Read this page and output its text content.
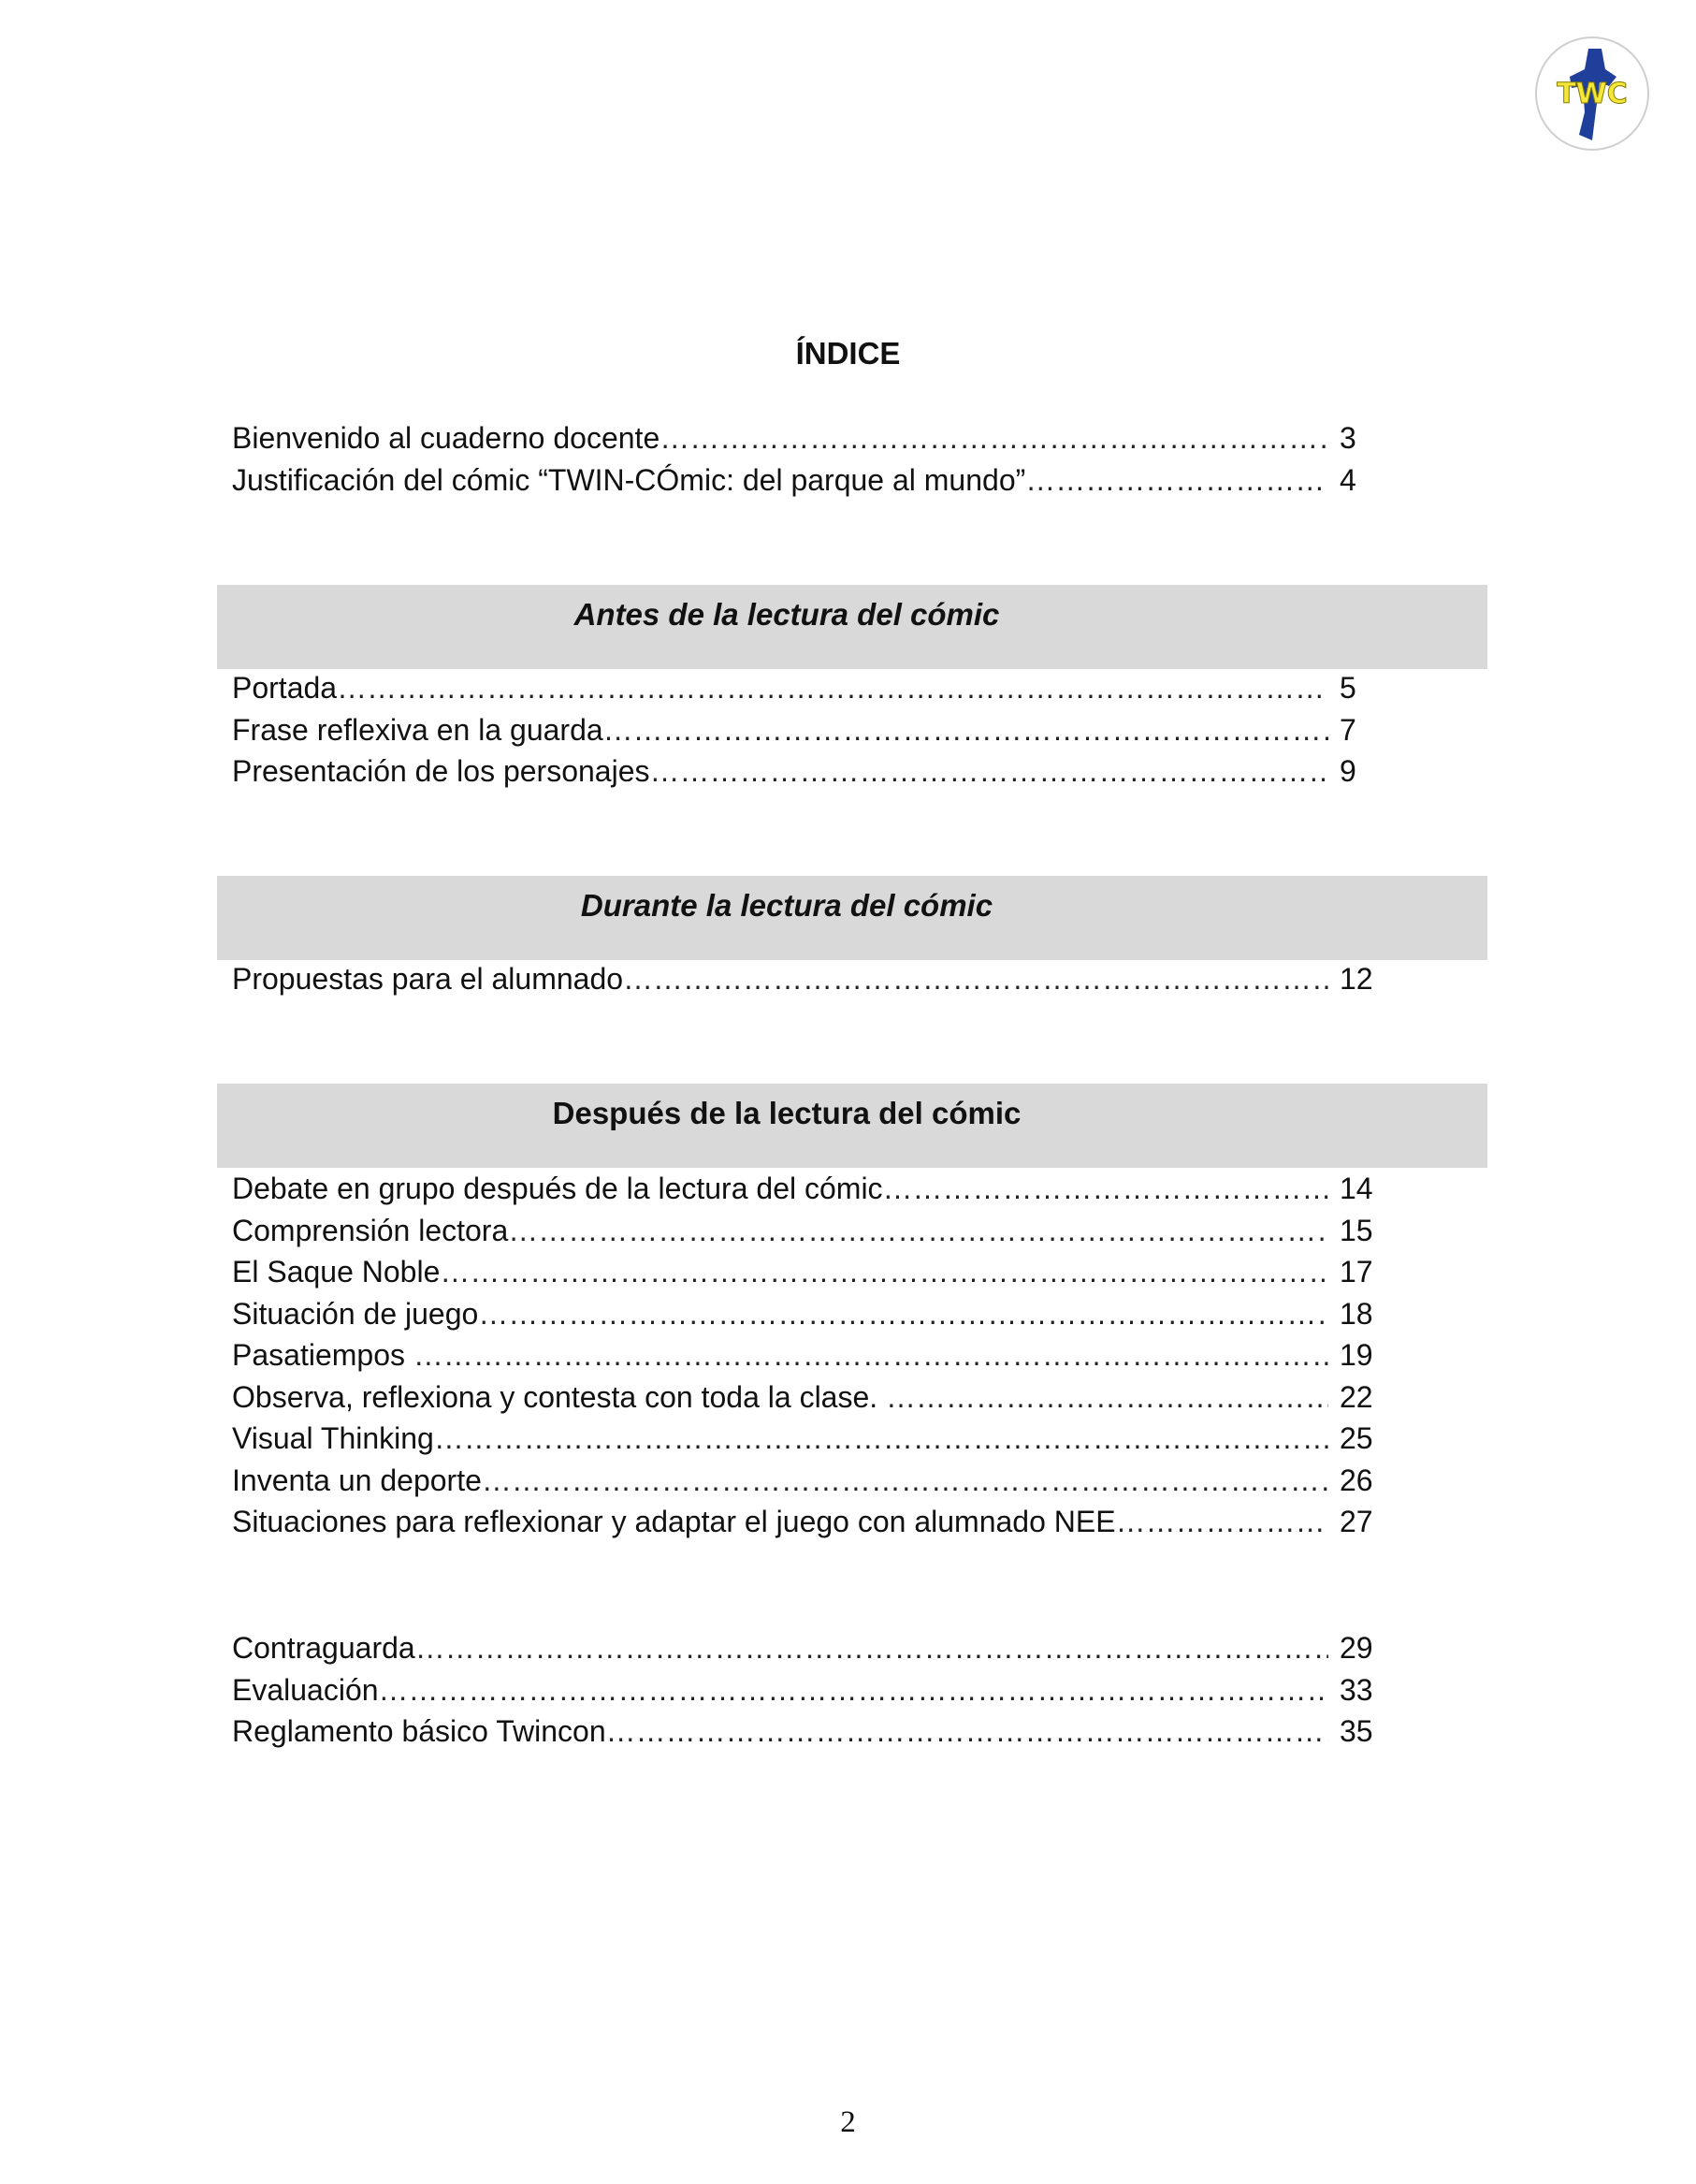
TWC
ÍNDICE
Bienvenido al cuaderno docente ……………………………………………………………………………………………………………………………………………………………………………………………………………………	3
Justificación del cómic “TWIN-CÓmic: del parque al mundo” ……………………………………………………………………………………………………………………………………………………………………………………………………………………	4
Antes de la lectura del cómic
Portada ……………………………………………………………………………………………………………………………………………………………………………………………………………………	5
Frase reflexiva en la guarda ……………………………………………………………………………………………………………………………………………………………………………………………………………………	7
Presentación de los personajes ……………………………………………………………………………………………………………………………………………………………………………………………………………………	9
Durante la lectura del cómic
Propuestas para el alumnado ……………………………………………………………………………………………………………………………………………………………………………………………………………………	12
Después de la lectura del cómic
Debate en grupo después de la lectura del cómic ……………………………………………………………………………………………………………………………………………………………………………………………………………………	14
Comprensión lectora ……………………………………………………………………………………………………………………………………………………………………………………………………………………	15
El Saque Noble ……………………………………………………………………………………………………………………………………………………………………………………………………………………	17
Situación de juego ……………………………………………………………………………………………………………………………………………………………………………………………………………………	18
Pasatiempos ……………………………………………………………………………………………………………………………………………………………………………………………………………………	19
Observa, reflexiona y contesta con toda la clase. ……………………………………………………………………………………………………………………………………………………………………………………………………………………	22
Visual Thinking ……………………………………………………………………………………………………………………………………………………………………………………………………………………	25
Inventa un deporte ……………………………………………………………………………………………………………………………………………………………………………………………………………………	26
Situaciones para reflexionar y adaptar el juego con alumnado NEE ……………………………………………………………………………………………………………………………………………………………………………………………………………………	27
Contraguarda ……………………………………………………………………………………………………………………………………………………………………………………………………………………	29
Evaluación ……………………………………………………………………………………………………………………………………………………………………………………………………………………	33
Reglamento básico Twincon ……………………………………………………………………………………………………………………………………………………………………………………………………………………	35
2
